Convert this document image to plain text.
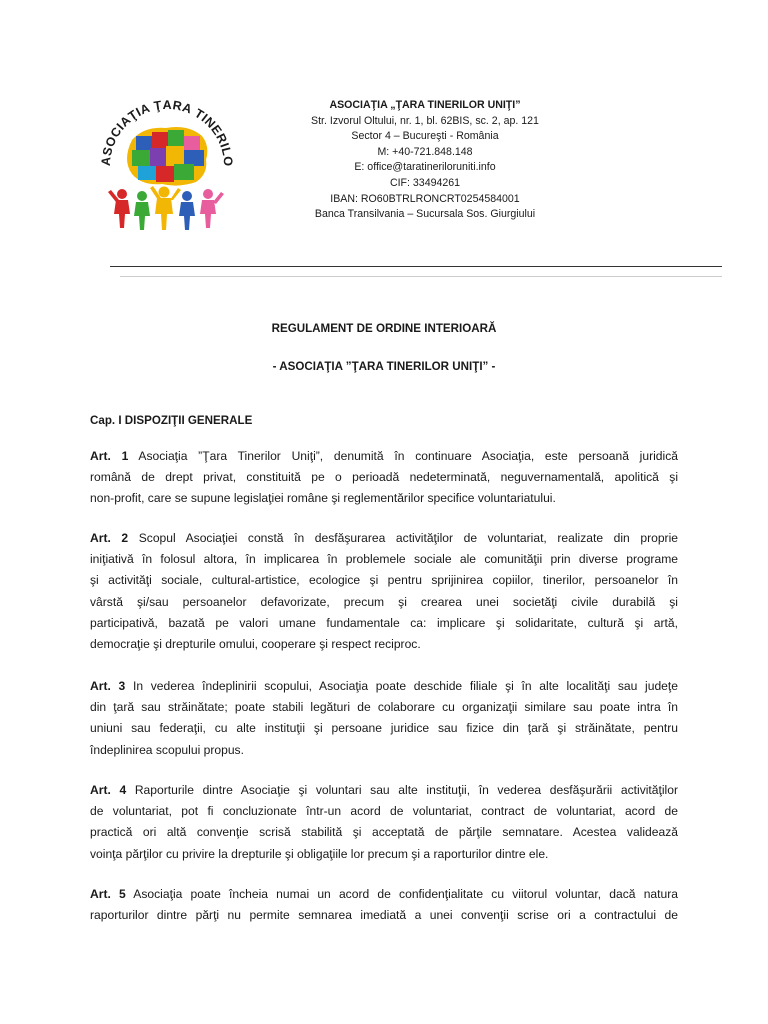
ASOCIAŢIA ŢARA TINERILO
ASOCIAŢIA „ŢARA TINERILOR UNIŢI”
Str. Izvorul Oltului, nr. 1, bl. 62BIS, sc. 2, ap. 121
Sector 4 – Bucureşti - România
M: +40-721.848.148
E: office@taratineriloruniti.info
CIF: 33494261
IBAN: RO60BTRLRONCRT0254584001
Banca Transilvania – Sucursala Sos. Giurgiului
REGULAMENT DE ORDINE INTERIOARĂ
- ASOCIAŢIA ”ŢARA TINERILOR UNIŢI” -
Cap. I DISPOZIŢII GENERALE
Art. 1 Asociaţia ”Ţara Tinerilor Uniţi”, denumită în continuare Asociaţia, este persoană juridică
română de drept privat, constituită pe o perioadă nedeterminată, neguvernamentală, apolitică şi
non-profit, care se supune legislaţiei române şi reglementărilor specifice voluntariatului.
Art. 2 Scopul Asociaţiei constă în desfăşurarea activităţilor de voluntariat, realizate din proprie
iniţiativă în folosul altora, în implicarea în problemele sociale ale comunităţii prin diverse programe
şi activităţi sociale, cultural-artistice, ecologice şi pentru sprijinirea copiilor, tinerilor, persoanelor în
vârstă şi/sau persoanelor defavorizate, precum şi crearea unei societăţi civile durabilă şi
participativă, bazată pe valori umane fundamentale ca: implicare şi solidaritate, cultură şi artă,
democraţie şi drepturile omului, cooperare şi respect reciproc.
Art. 3 In vederea îndeplinirii scopului, Asociaţia poate deschide filiale şi în alte localităţi sau judeţe
din ţară sau străinătate; poate stabili legături de colaborare cu organizaţii similare sau poate intra în
uniuni sau federaţii, cu alte instituţii şi persoane juridice sau fizice din ţară şi străinătate, pentru
îndeplinirea scopului propus.
Art. 4 Raporturile dintre Asociaţie şi voluntari sau alte instituţii, în vederea desfăşurării activităţilor
de voluntariat, pot fi concluzionate într-un acord de voluntariat, contract de voluntariat, acord de
practică ori altă convenţie scrisă stabilită şi acceptată de părţile semnatare. Acestea validează
voinţa părţilor cu privire la drepturile şi obligaţiile lor precum şi a raporturilor dintre ele.
Art. 5 Asociaţia poate încheia numai un acord de confidenţialitate cu viitorul voluntar, dacă natura
raporturilor dintre părţi nu permite semnarea imediată a unei convenţii scrise ori a contractului de
